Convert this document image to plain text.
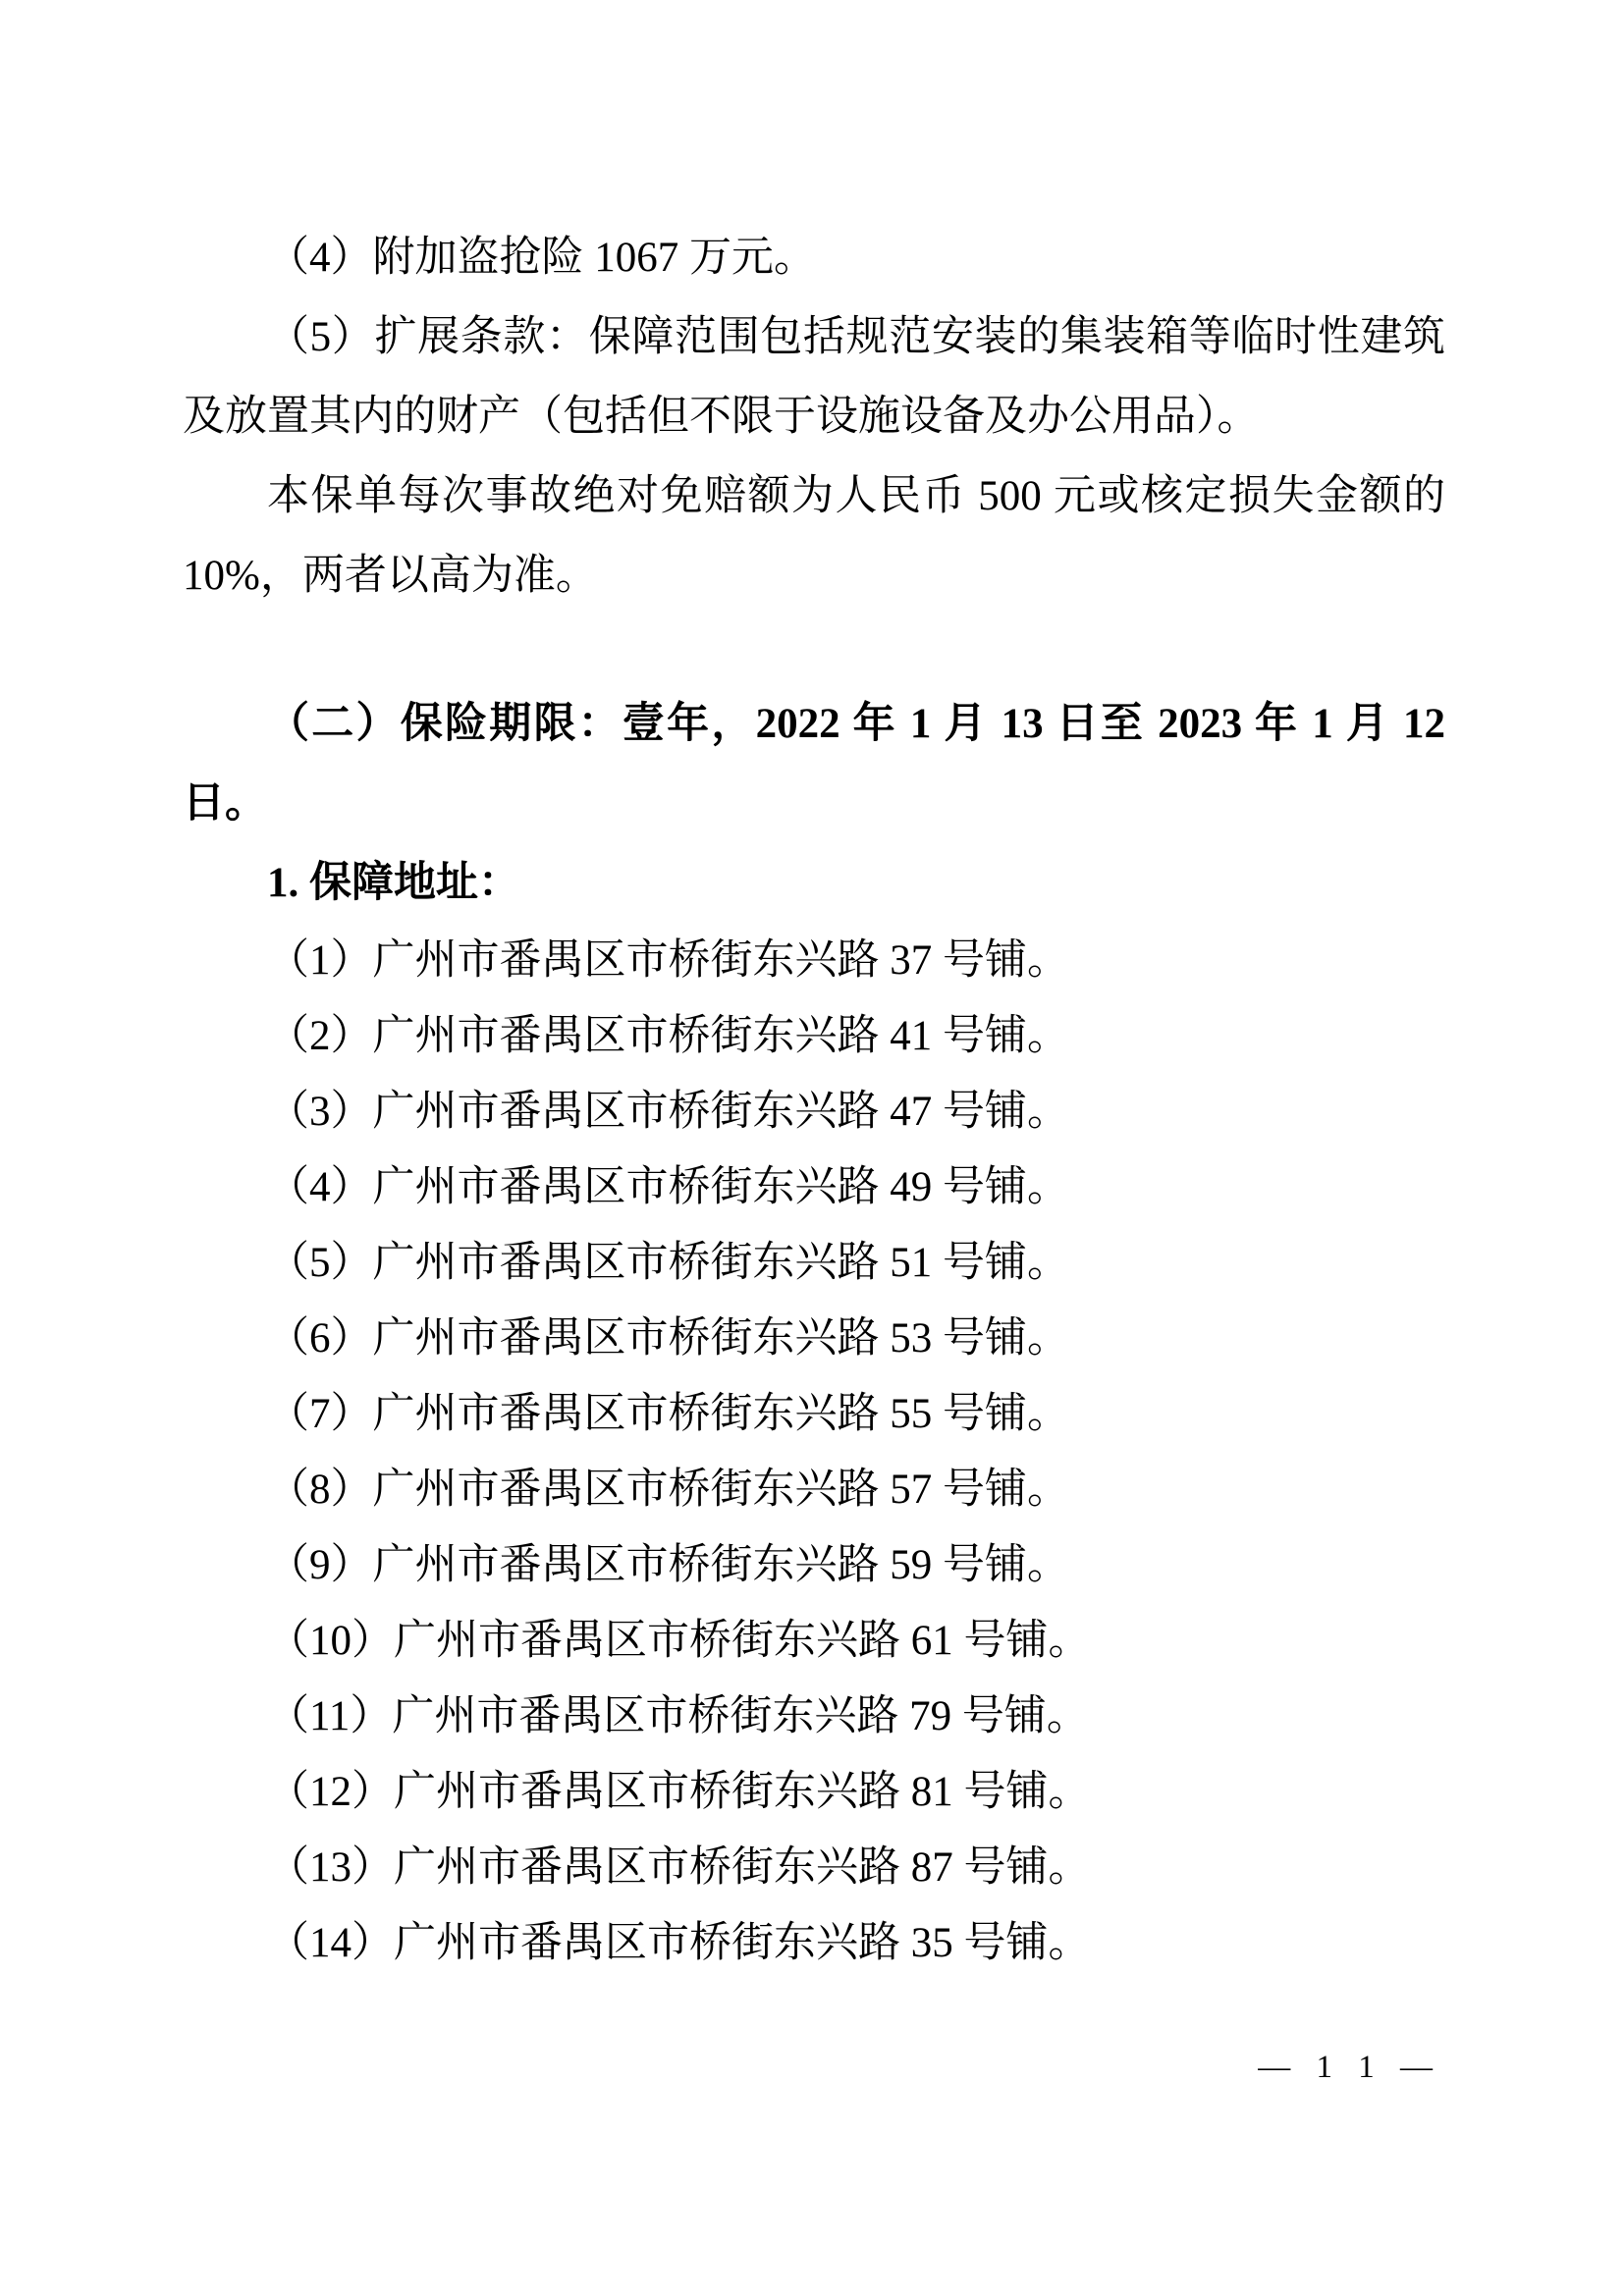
（4）附加盗抢险 1067 万元。
（5）扩展条款：保障范围包括规范安装的集装箱等临时性建筑
及放置其内的财产（包括但不限于设施设备及办公用品）。
本保单每次事故绝对免赔额为人民币 500 元或核定损失金额的
10%，两者以高为准。
（二）保险期限：壹年，2022 年 1 月 13 日至 2023 年 1 月 12
日。
1. 保障地址：
（1）广州市番禺区市桥街东兴路 37 号铺。
（2）广州市番禺区市桥街东兴路 41 号铺。
（3）广州市番禺区市桥街东兴路 47 号铺。
（4）广州市番禺区市桥街东兴路 49 号铺。
（5）广州市番禺区市桥街东兴路 51 号铺。
（6）广州市番禺区市桥街东兴路 53 号铺。
（7）广州市番禺区市桥街东兴路 55 号铺。
（8）广州市番禺区市桥街东兴路 57 号铺。
（9）广州市番禺区市桥街东兴路 59 号铺。
（10）广州市番禺区市桥街东兴路 61 号铺。
（11）广州市番禺区市桥街东兴路 79 号铺。
（12）广州市番禺区市桥街东兴路 81 号铺。
（13）广州市番禺区市桥街东兴路 87 号铺。
（14）广州市番禺区市桥街东兴路 35 号铺。
— 1 1 —
